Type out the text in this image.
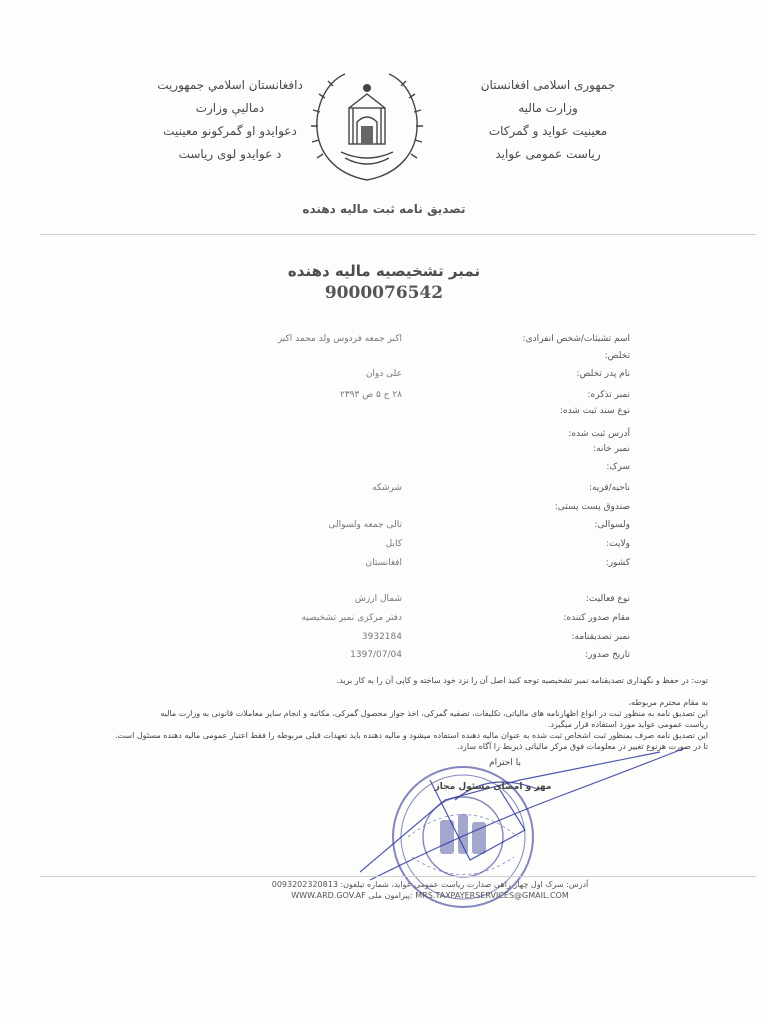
دافغانستان اسلامي جمهوريت
دماليې وزارت
دعوايدو او گمركونو معينيت
د عوايدو لوى رياست
جمهوری اسلامی افغانستان
وزارت مالیه
معینیت عواید و گمرکات
ریاست عمومی عواید
تصدیق نامه ثبت مالیه دهنده
نمبر تشخیصیه مالیه دهنده
9000076542
اسم تشبثات/شخص انفرادی:
اکبر جمعه فردوس ولد محمد اکبر
تخلص:
نام پدر تخلص:
علی دوان
نمبر تذکره:
٢٨ ج ۵ ص ٢٣٩٣
نوع سند ثبت شده:
آدرس ثبت شده:
نمبر خانه:
سرک:
ناحیه/قریه:
شرشکه
صندوق پست پستی:
ولسوالی:
تالی جمعه ولسوالی
ولایت:
کابل
کشور:
افغانستان
نوع فعالیت:
شمال ارزش
مقام صدور کننده:
دفتر مرکزی نمبر تشخیصیه
نمبر تصدیقنامه:
3932184
تاریخ صدور:
1397/07/04
توت: در حفظ و نگهداری تصدیقنامه نمبر تشخیصیه توجه کنید اصل آن را نزد خود ساخته و کاپی آن را به کار برید.
به مقام محترم مربوطه،
این تصدیق نامه به منظور ثبت در انواع اظهارنامه های مالیاتی، تکلیفات، تصفیه گمرکی، اخذ جواز محصول گمرکی، مکاتبه و انجام سایر معاملات قانونی به وزارت مالیه
ریاست عمومی عواید مورد استفاده قرار میگیرد.
این تصدیق نامه صرف بمنظور ثبت اشخاص ثبت شده به عنوان مالیه دهنده استفاده میشود و مالیه دهنده باید تعهدات قبلی مربوطه را فقط اعتبار عمومی مالیه دهنده مسئول است.
تا در صورت هرنوع تغییر در معلومات فوق مرکز مالیاتی ذیربط را آگاه سازد.
با احترام
مهر و امضای مسئول مجاز
آدرس: سرک اول چهار راهی صدارت ریاست عمومی عواید، شماره تیلفون: 0093202320813
WWW.ARD.GOV.AF پیرامون ملی: MRS.TAXPAYERSERVICES@GMAIL.COM
